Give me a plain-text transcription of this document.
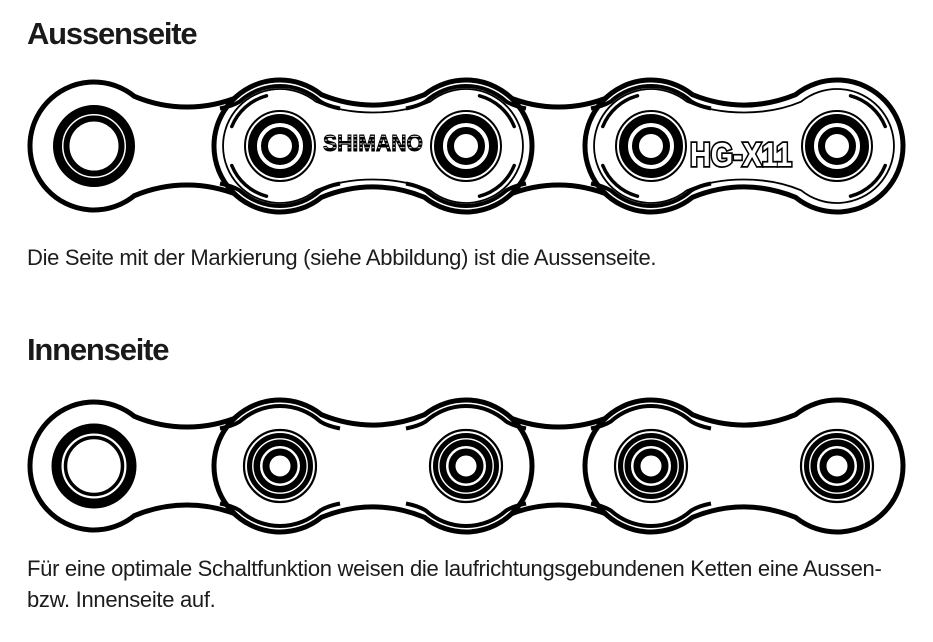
Aussenseite
SHIMANO	HG-X11

Die Seite mit der Markierung (siehe Abbildung) ist die Aussenseite.

Innenseite

Für eine optimale Schaltfunktion weisen die laufrichtungsgebundenen Ketten eine Aussen- bzw. Innenseite auf.
